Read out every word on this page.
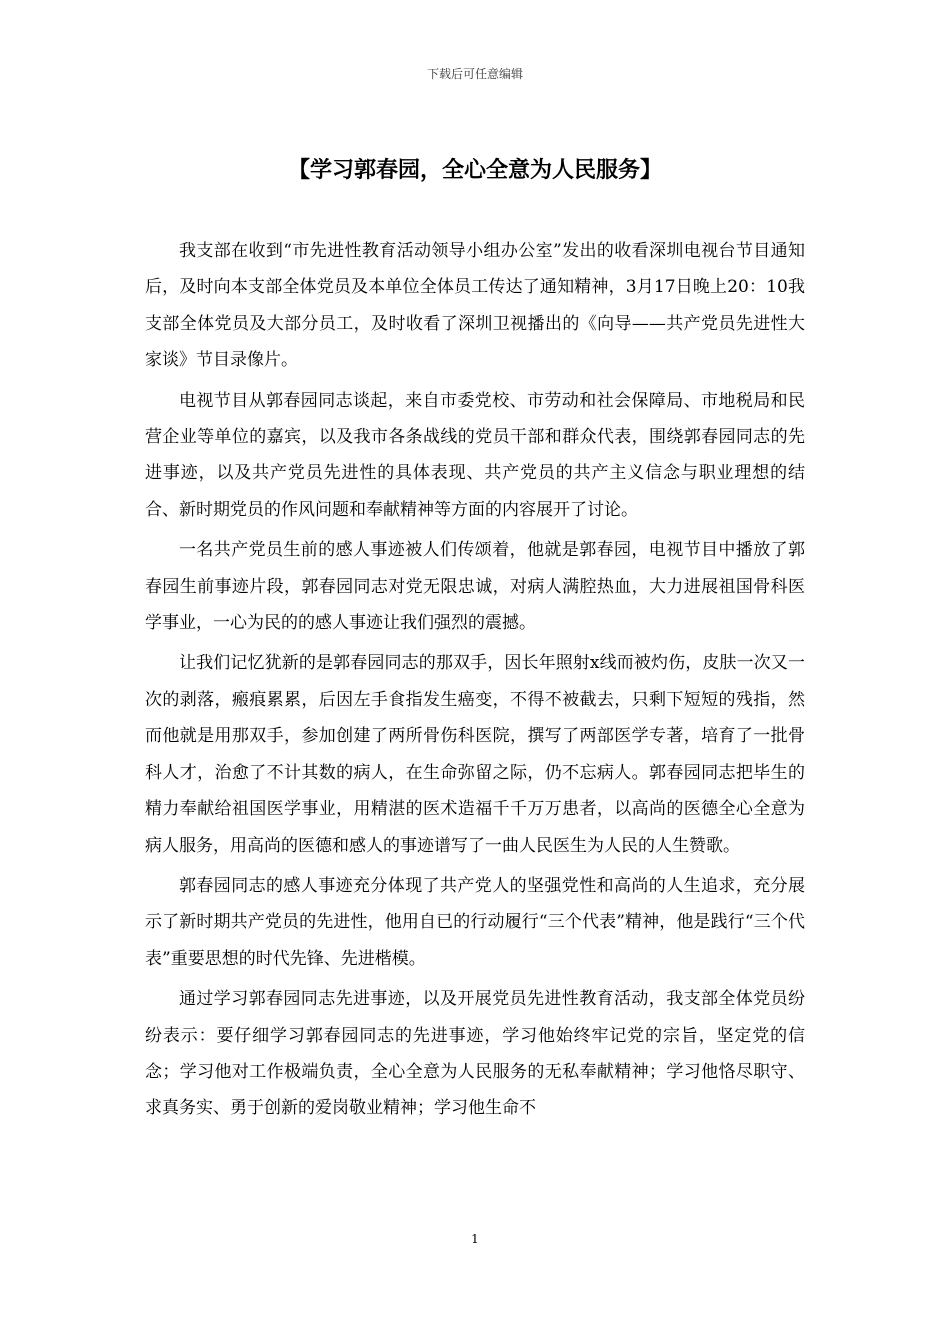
下载后可任意编辑
【学习郭春园，全心全意为人民服务】

我支部在收到“市先进性教育活动领导小组办公室”发出的收看深圳电视台节目通知后，及时向本支部全体党员及本单位全体员工传达了通知精神，3月17日晚上20：10我支部全体党员及大部分员工，及时收看了深圳卫视播出的《向导——共产党员先进性大家谈》节目录像片。

电视节目从郭春园同志谈起，来自市委党校、市劳动和社会保障局、市地税局和民营企业等单位的嘉宾，以及我市各条战线的党员干部和群众代表，围绕郭春园同志的先进事迹，以及共产党员先进性的具体表现、共产党员的共产主义信念与职业理想的结合、新时期党员的作风问题和奉献精神等方面的内容展开了讨论。

一名共产党员生前的感人事迹被人们传颂着，他就是郭春园，电视节目中播放了郭春园生前事迹片段，郭春园同志对党无限忠诚，对病人满腔热血，大力进展祖国骨科医学事业，一心为民的的感人事迹让我们强烈的震撼。

让我们记忆犹新的是郭春园同志的那双手，因长年照射x线而被灼伤，皮肤一次又一次的剥落，瘢痕累累，后因左手食指发生癌变，不得不被截去，只剩下短短的残指，然而他就是用那双手，参加创建了两所骨伤科医院，撰写了两部医学专著，培育了一批骨科人才，治愈了不计其数的病人，在生命弥留之际，仍不忘病人。郭春园同志把毕生的精力奉献给祖国医学事业，用精湛的医术造福千千万万患者，以高尚的医德全心全意为病人服务，用高尚的医德和感人的事迹谱写了一曲人民医生为人民的人生赞歌。

郭春园同志的感人事迹充分体现了共产党人的坚强党性和高尚的人生追求，充分展示了新时期共产党员的先进性，他用自已的行动履行“三个代表”精神，他是践行“三个代表”重要思想的时代先锋、先进楷模。

通过学习郭春园同志先进事迹，以及开展党员先进性教育活动，我支部全体党员纷纷表示：要仔细学习郭春园同志的先进事迹，学习他始终牢记党的宗旨，坚定党的信念；学习他对工作极端负责，全心全意为人民服务的无私奉献精神；学习他恪尽职守、求真务实、勇于创新的爱岗敬业精神；学习他生命不

1
